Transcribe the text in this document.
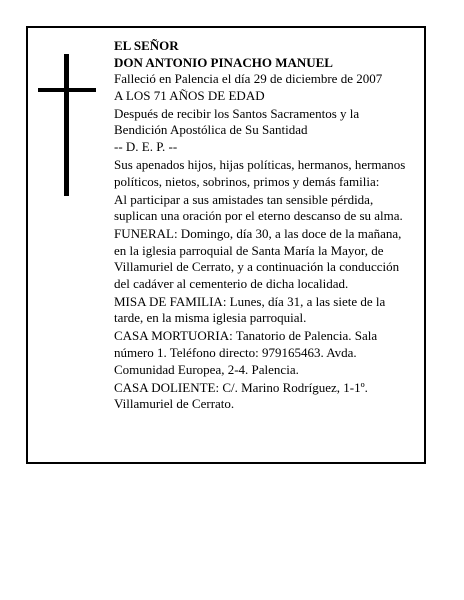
EL SEÑOR
DON ANTONIO PINACHO MANUEL
Falleció en Palencia el día 29 de diciembre de 2007
A LOS 71 AÑOS DE EDAD
Después de recibir los Santos Sacramentos y la
Bendición Apostólica de Su Santidad
-- D. E. P. --
Sus apenados hijos, hijas políticas, hermanos, hermanos
políticos, nietos, sobrinos, primos y demás familia:
Al participar a sus amistades tan sensible pérdida,
suplican una oración por el eterno descanso de su alma.
FUNERAL: Domingo, día 30, a las doce de la mañana,
en la iglesia parroquial de Santa María la Mayor, de
Villamuriel de Cerrato, y a continuación la conducción
del cadáver al cementerio de dicha localidad.
MISA DE FAMILIA: Lunes, día 31, a las siete de la
tarde, en la misma iglesia parroquial.
CASA MORTUORIA: Tanatorio de Palencia. Sala
número 1. Teléfono directo: 979165463. Avda.
Comunidad Europea, 2-4. Palencia.
CASA DOLIENTE: C/. Marino Rodríguez, 1-1º.
Villamuriel de Cerrato.
